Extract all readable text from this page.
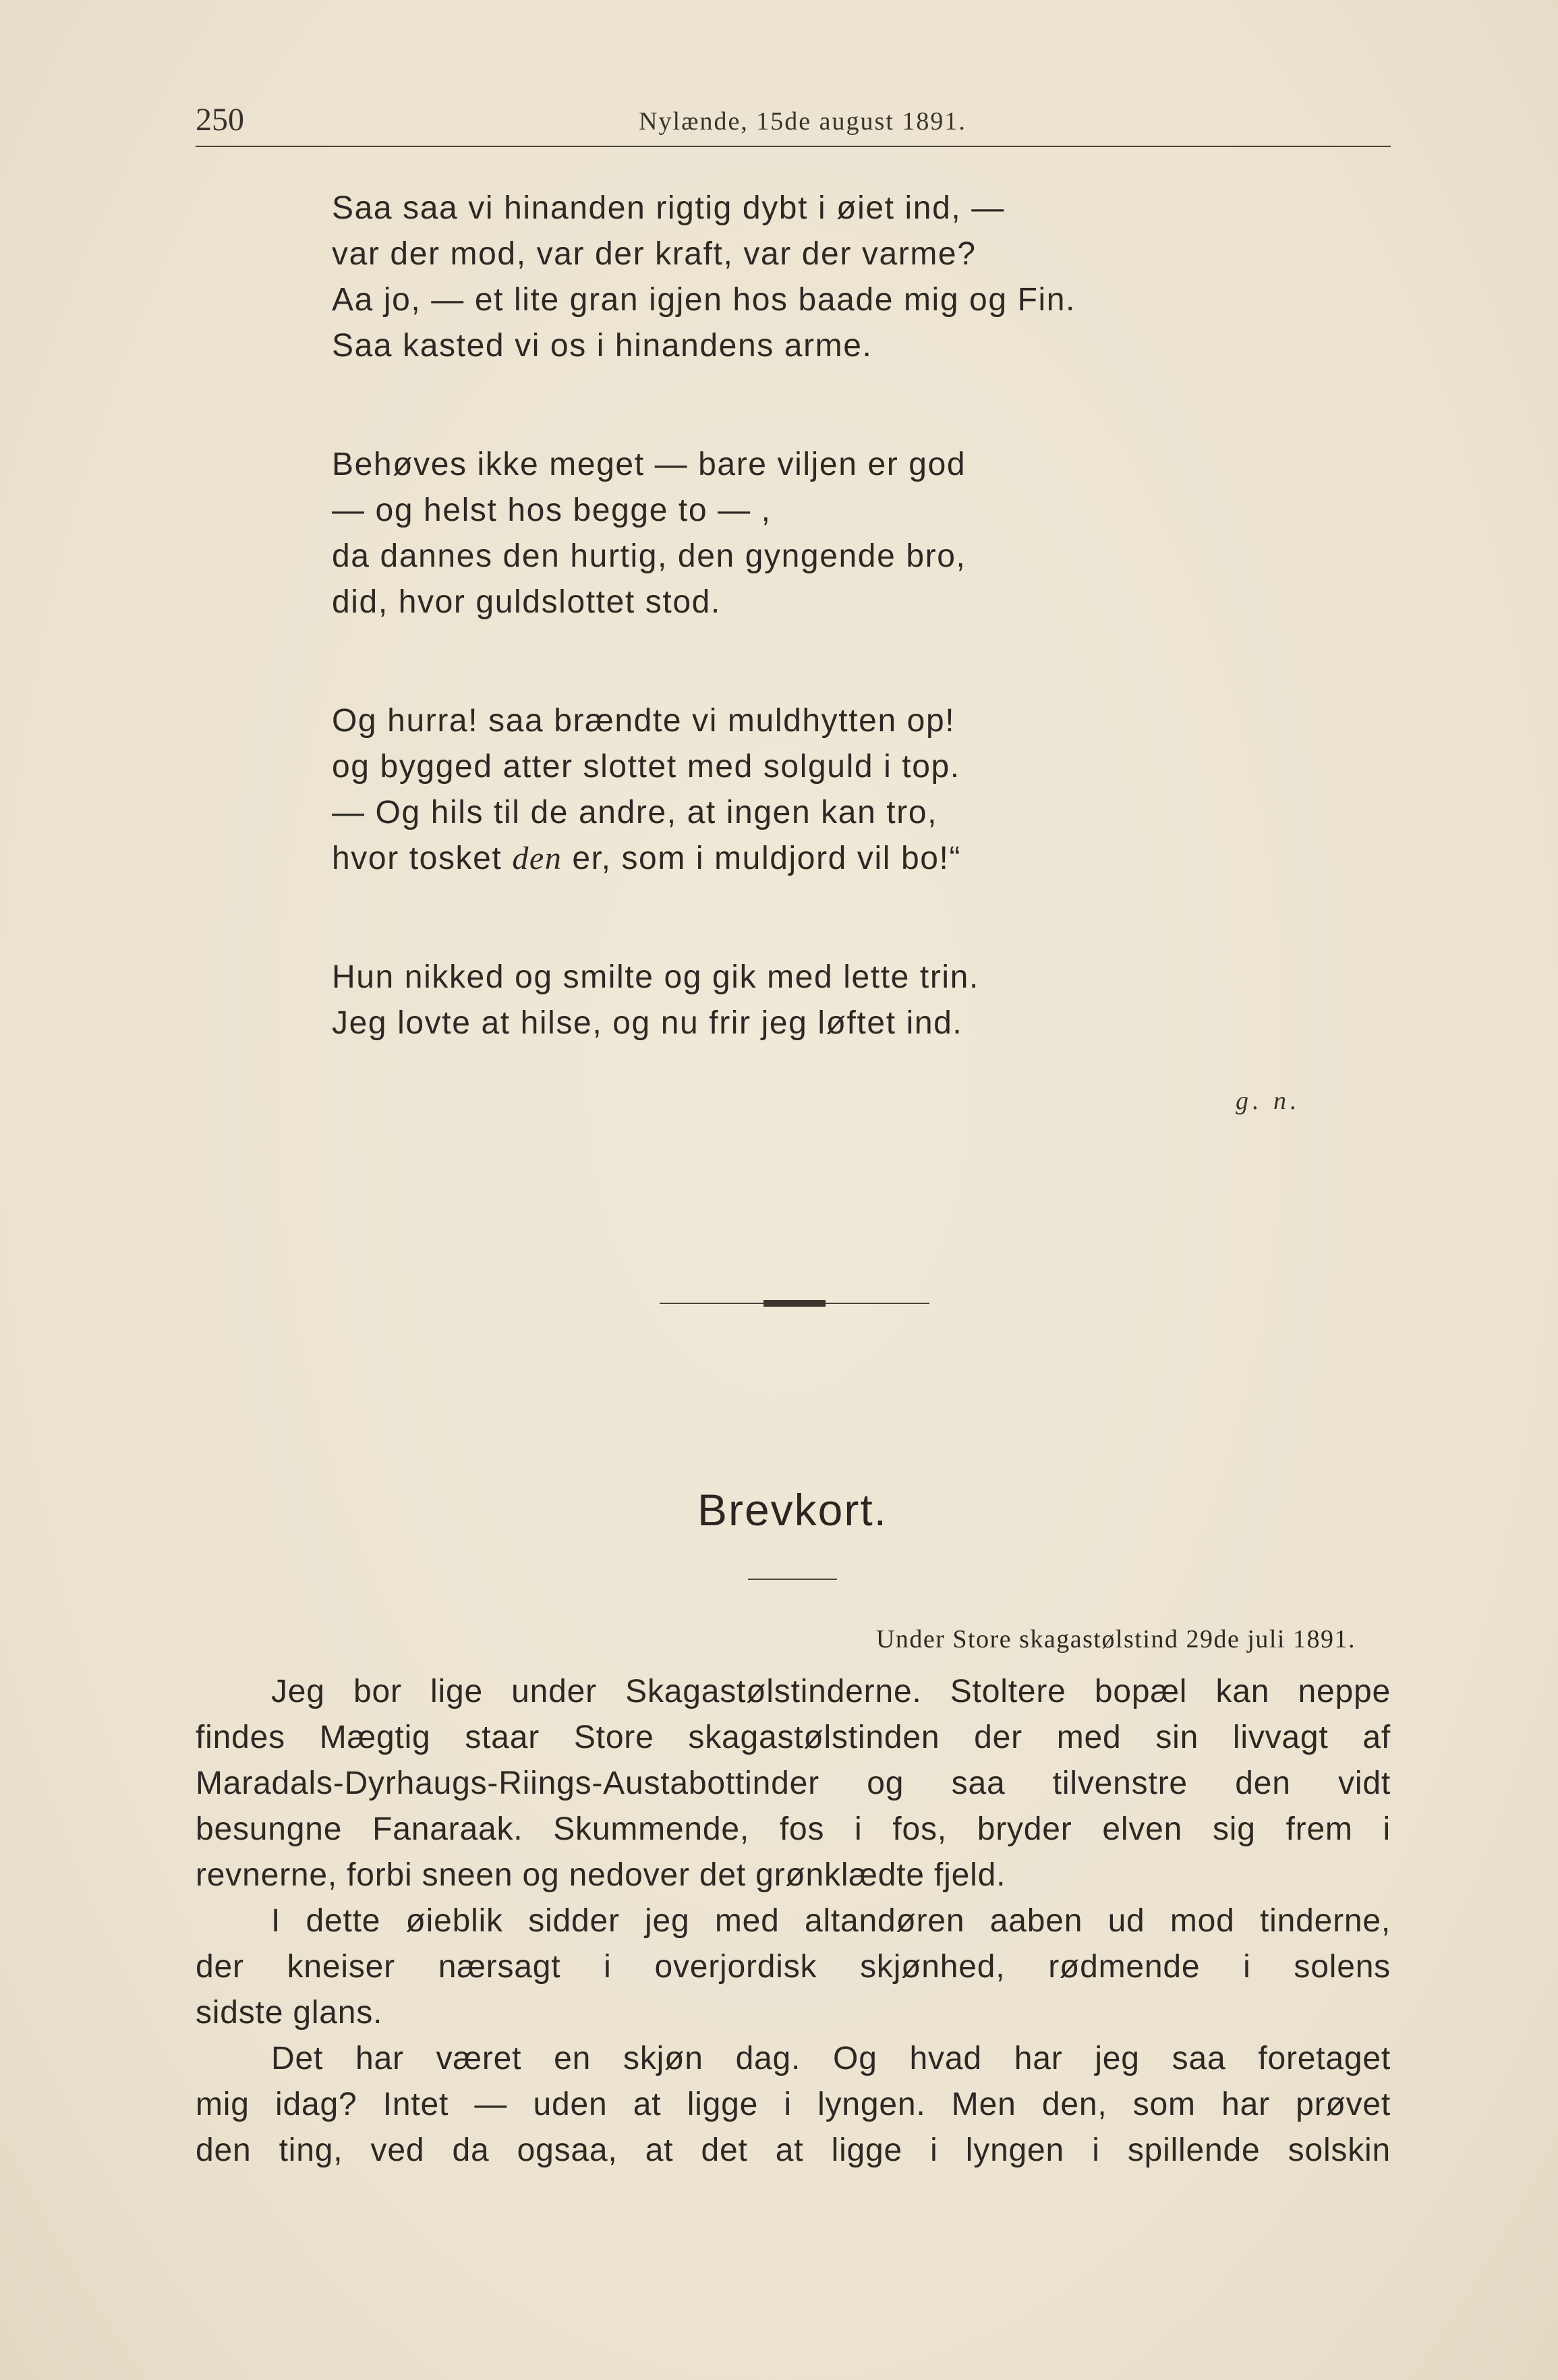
250	Nylænde, 15de august 1891.
Saa saa vi hinanden rigtig dybt i øiet ind, —
var der mod, var der kraft, var der varme?
Aa jo, — et lite gran igjen hos baade mig og Fin.
Saa kasted vi os i hinandens arme.
Behøves ikke meget — bare viljen er god
— og helst hos begge to — ,
da dannes den hurtig, den gyngende bro,
did, hvor guldslottet stod.
Og hurra! saa brændte vi muldhytten op!
og bygged atter slottet med solguld i top.
— Og hils til de andre, at ingen kan tro,
hvor tosket den er, som i muldjord vil bo!“
Hun nikked og smilte og gik med lette trin.
Jeg lovte at hilse, og nu frir jeg løftet ind.
g. n.
Brevkort.
Under Store skagastølstind 29de juli 1891.

Jeg bor lige under Skagastølstinderne. Stoltere bopæl kan neppe
findes Mægtig staar Store skagastølstinden der med sin livvagt af
Maradals-Dyrhaugs-Riings-Austabottinder og saa tilvenstre den vidt
besungne Fanaraak. Skummende, fos i fos, bryder elven sig frem i
revnerne, forbi sneen og nedover det grønklædte fjeld.

I dette øieblik sidder jeg med altandøren aaben ud mod tinderne,
der kneiser nærsagt i overjordisk skjønhed, rødmende i solens
sidste glans.

Det har været en skjøn dag. Og hvad har jeg saa foretaget
mig idag? Intet — uden at ligge i lyngen. Men den, som har prøvet
den ting, ved da ogsaa, at det at ligge i lyngen i spillende solskin
